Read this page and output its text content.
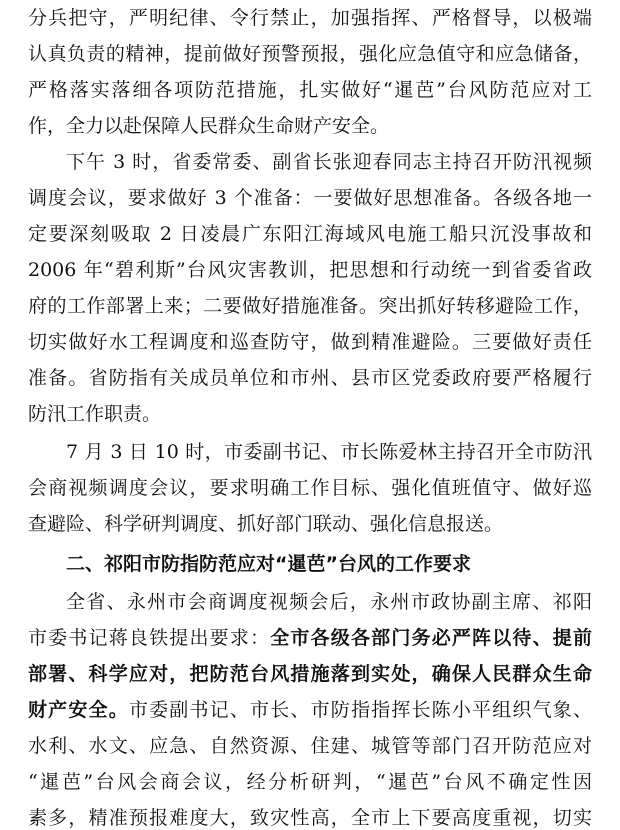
分兵把守，严明纪律、令行禁止，加强指挥、严格督导，以极端
认真负责的精神，提前做好预警预报，强化应急值守和应急储备，
严格落实落细各项防范措施，扎实做好“暹芭”台风防范应对工
作，全力以赴保障人民群众生命财产安全。
下午 3 时，省委常委、副省长张迎春同志主持召开防汛视频
调度会议，要求做好 3 个准备：一要做好思想准备。各级各地一
定要深刻吸取 2 日凌晨广东阳江海域风电施工船只沉没事故和
2006 年“碧利斯”台风灾害教训，把思想和行动统一到省委省政
府的工作部署上来；二要做好措施准备。突出抓好转移避险工作，
切实做好水工程调度和巡查防守，做到精准避险。三要做好责任
准备。省防指有关成员单位和市州、县市区党委政府要严格履行
防汛工作职责。
7 月 3 日 10 时，市委副书记、市长陈爱林主持召开全市防汛
会商视频调度会议，要求明确工作目标、强化值班值守、做好巡
查避险、科学研判调度、抓好部门联动、强化信息报送。
二、祁阳市防指防范应对“暹芭”台风的工作要求
全省、永州市会商调度视频会后，永州市政协副主席、祁阳
市委书记蒋良铁提出要求：全市各级各部门务必严阵以待、提前
部署、科学应对，把防范台风措施落到实处，确保人民群众生命
财产安全。市委副书记、市长、市防指指挥长陈小平组织气象、
水利、水文、应急、自然资源、住建、城管等部门召开防范应对
“暹芭”台风会商会议，经分析研判，“暹芭”台风不确定性因
素多，精准预报难度大，致灾性高，全市上下要高度重视，切实
